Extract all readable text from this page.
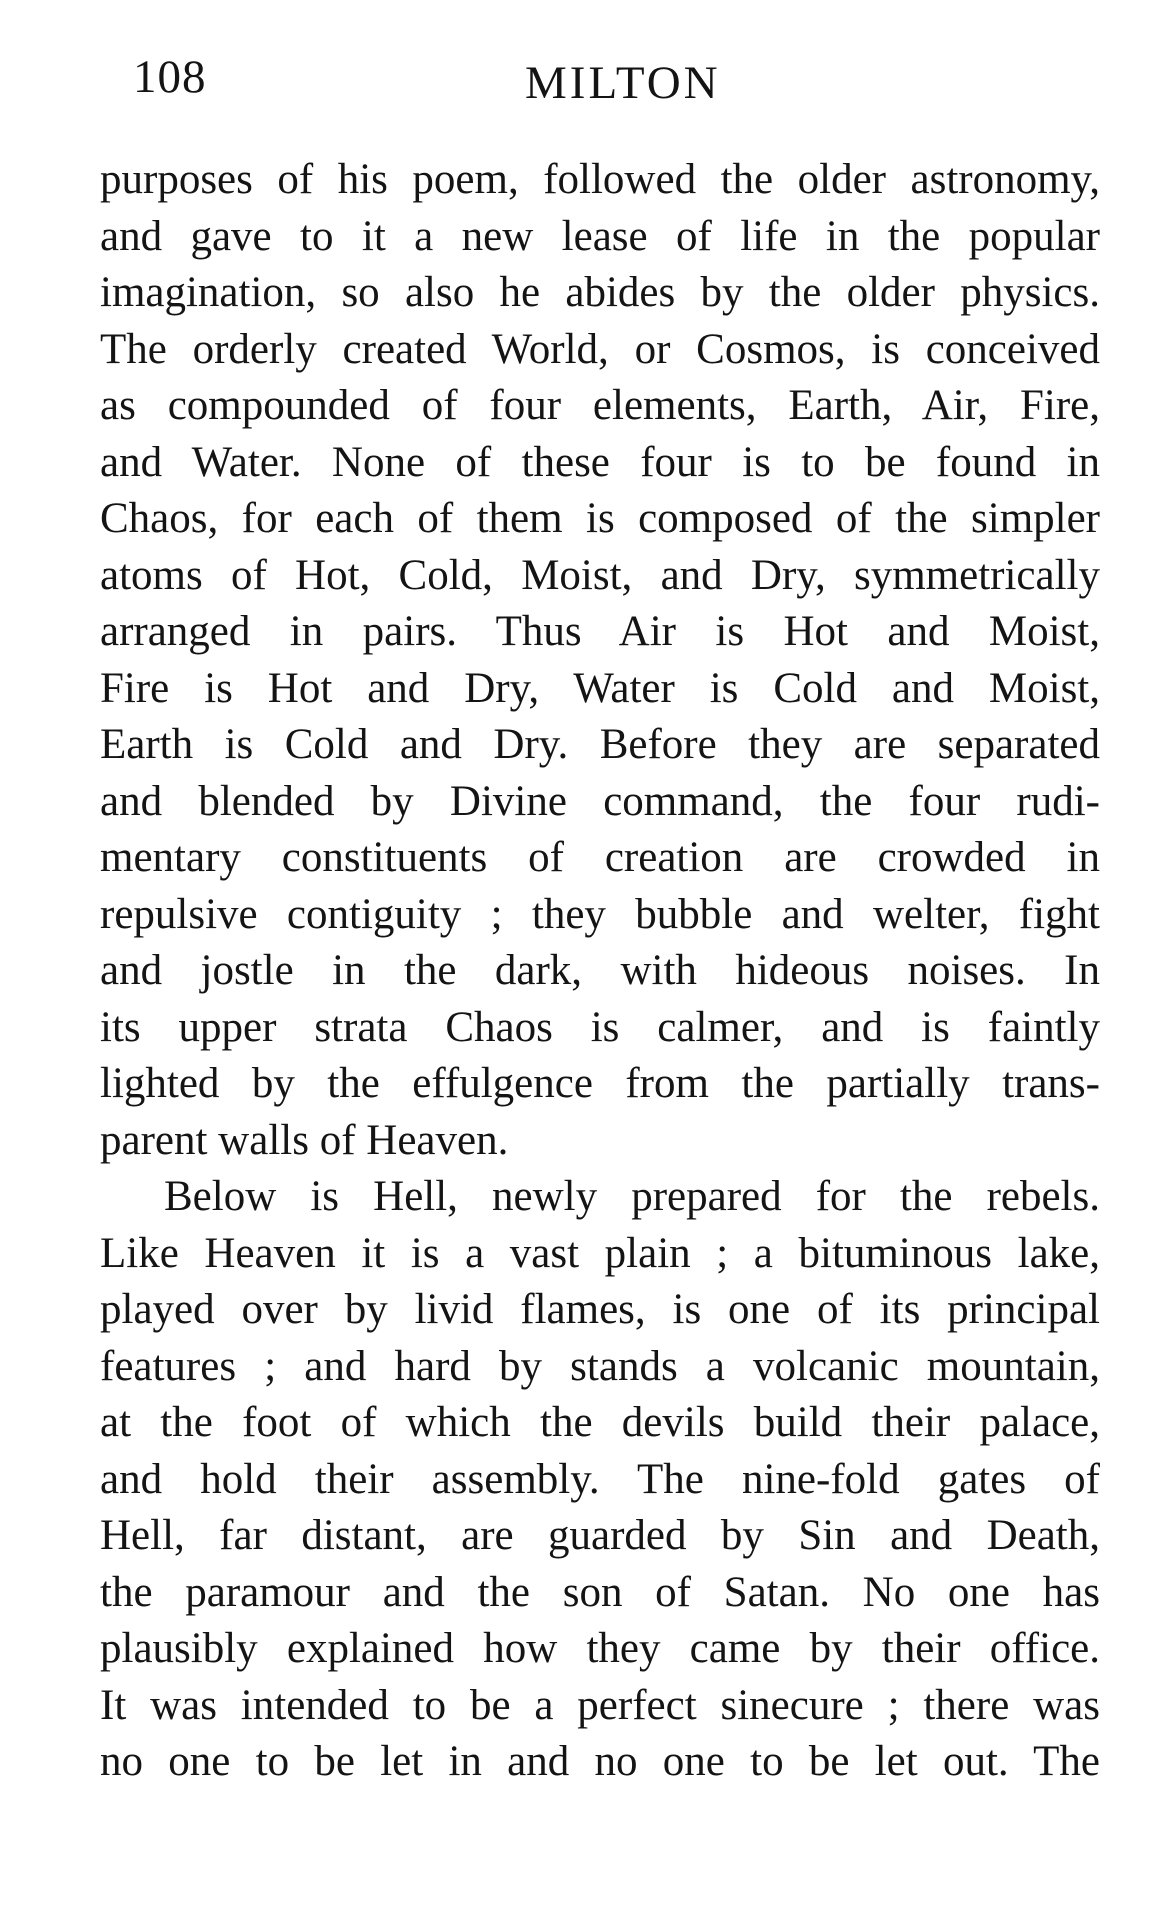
108	MILTON
purposes of his poem, followed the older astronomy,
and gave to it a new lease of life in the popular
imagination, so also he abides by the older physics.
The orderly created World, or Cosmos, is conceived
as compounded of four elements, Earth, Air, Fire,
and Water. None of these four is to be found in
Chaos, for each of them is composed of the simpler
atoms of Hot, Cold, Moist, and Dry, symmetrically
arranged in pairs. Thus Air is Hot and Moist,
Fire is Hot and Dry, Water is Cold and Moist,
Earth is Cold and Dry. Before they are separated
and blended by Divine command, the four rudi-
mentary constituents of creation are crowded in
repulsive contiguity ; they bubble and welter, fight
and jostle in the dark, with hideous noises. In
its upper strata Chaos is calmer, and is faintly
lighted by the effulgence from the partially trans-
parent walls of Heaven.
Below is Hell, newly prepared for the rebels.
Like Heaven it is a vast plain ; a bituminous lake,
played over by livid flames, is one of its principal
features ; and hard by stands a volcanic mountain,
at the foot of which the devils build their palace,
and hold their assembly. The nine-fold gates of
Hell, far distant, are guarded by Sin and Death,
the paramour and the son of Satan. No one has
plausibly explained how they came by their office.
It was intended to be a perfect sinecure ; there was
no one to be let in and no one to be let out. The
